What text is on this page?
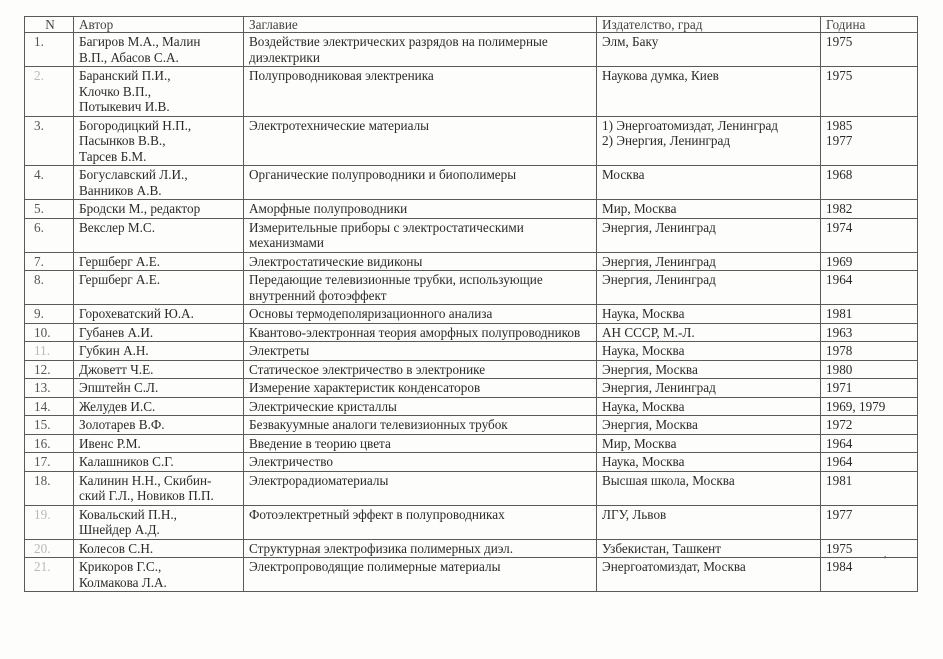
N	Автор	Заглавие	Издателство, град	Година
1.	Багиров М.А., Малин
В.П., Абасов С.А.	Воздействие электрических разрядов на полимерные диэлектрики	Элм, Баку	1975

2.	Баранский П.И.,
Клочко В.П.,
Потыкевич И.В.	Полупроводниковая электреника	Наукова думка, Киев	1975

3.	Богородицкий Н.П.,
Пасынков В.В.,
Тарсев Б.М.	Электротехнические материалы	1) Энергоатомиздат, Ленинград
2) Энергия, Ленинград	1985
1977

4.	Богуславский Л.И.,
Ванников А.В.	Органические полупроводники и биополимеры	Москва	1968

5.	Бродски М., редактор	Аморфные полупроводники	Мир, Москва	1982

6.	Векслер М.С.	Измерительные приборы с электростатическими механизмами	Энергия, Ленинград	1974

7.	Гершберг А.Е.	Электростатические видиконы	Энергия, Ленинград	1969

8.	Гершберг А.Е.	Передающие телевизионные трубки, использующие внутренний фотоэффект	Энергия, Ленинград	1964

9.	Горохеватский Ю.А.	Основы термодеполяризационного анализа	Наука, Москва	1981

10.	Губанев А.И.	Квантово-электронная теория аморфных полупроводников	АН СССР, М.-Л.	1963

11.	Губкин А.Н.	Электреты	Наука, Москва	1978

12.	Джоветт Ч.Е.	Статическое электричество в электронике	Энергия, Москва	1980

13.	Эпштейн С.Л.	Измерение характеристик конденсаторов	Энергия, Ленинград	1971

14.	Желудев И.С.	Электрические кристаллы	Наука, Москва	1969, 1979

15.	Золотарев В.Ф.	Безвакуумные аналоги телевизионных трубок	Энергия, Москва	1972

16.	Ивенс Р.М.	Введение в теорию цвета	Мир, Москва	1964

17.	Калашников С.Г.	Электричество	Наука, Москва	1964

18.	Калинин Н.Н., Скибин-
ский Г.Л., Новиков П.П.	Электрорадиоматериалы	Высшая школа, Москва	1981

19.	Ковальский П.Н.,
Шнейдер А.Д.	Фотоэлектретный эффект в полупроводниках	ЛГУ, Львов	1977

20.	Колесов С.Н.	Структурная электрофизика полимерных диэл.	Узбекистан, Ташкент	1975

21.	Крикоров Г.С.,
Колмакова Л.А.	Электропроводящие полимерные материалы	Энергоатомиздат, Москва	1984
,
